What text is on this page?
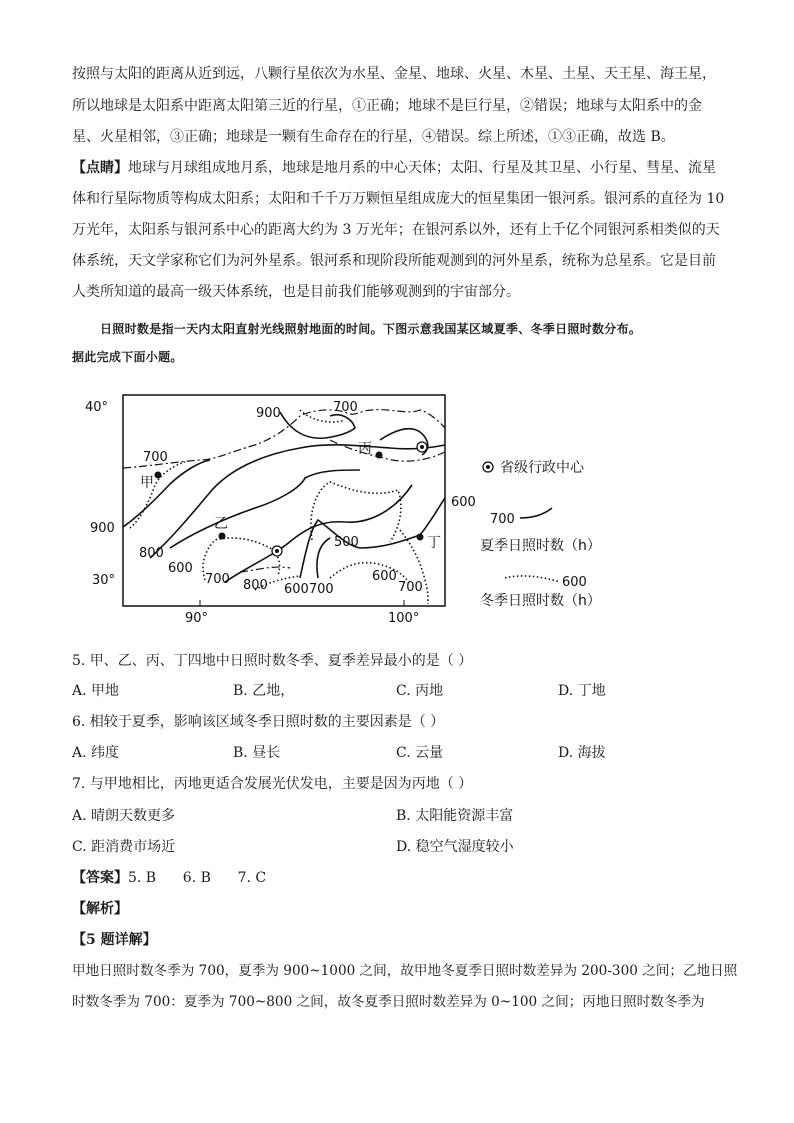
按照与太阳的距离从近到远，八颗行星依次为水星、金星、地球、火星、木星、土星、天王星、海王星，
所以地球是太阳系中距离太阳第三近的行星，①正确；地球不是巨行星，②错误；地球与太阳系中的金
星、火星相邻，③正确；地球是一颗有生命存在的行星，④错误。综上所述，①③正确，故选 B。
【点睛】地球与月球组成地月系，地球是地月系的中心天体；太阳、行星及其卫星、小行星、彗星、流星
体和行星际物质等构成太阳系；太阳和千千万万颗恒星组成庞大的恒星集团一银河系。银河系的直径为 10
万光年，太阳系与银河系中心的距离大约为 3 万光年；在银河系以外，还有上千亿个同银河系相类似的天
体系统，天文学家称它们为河外星系。银河系和现阶段所能观测到的河外星系，统称为总星系。它是目前
人类所知道的最高一级天体系统，也是目前我们能够观测到的宇宙部分。
日照时数是指一天内太阳直射光线照射地面的时间。下图示意我国某区域夏季、冬季日照时数分布。
据此完成下面小题。
40°
30°
90°	100°
甲
乙
丙
丁
900	700
700
900
800
600
700 800 600700
500
600
700
600
省级行政中心
700
夏季日照时数（h）
600
冬季日照时数（h）
5. 甲、乙、丙、丁四地中日照时数冬季、夏季差异最小的是（ ）
A. 甲地	B. 乙地，	C. 丙地	D. 丁地
6. 相较于夏季，影响该区域冬季日照时数的主要因素是（ ）
A. 纬度	B. 昼长	C. 云量	D. 海拔
7. 与甲地相比，丙地更适合发展光伏发电，主要是因为丙地（ ）
A. 晴朗天数更多	B. 太阳能资源丰富
C. 距消费市场近	D. 稳空气湿度较小
【答案】5. B      6. B      7. C
【解析】
【5 题详解】
甲地日照时数冬季为 700，夏季为 900~1000 之间，故甲地冬夏季日照时数差异为 200-300 之间；乙地日照
时数冬季为 700：夏季为 700~800 之间，故冬夏季日照时数差异为 0~100 之间；丙地日照时数冬季为
